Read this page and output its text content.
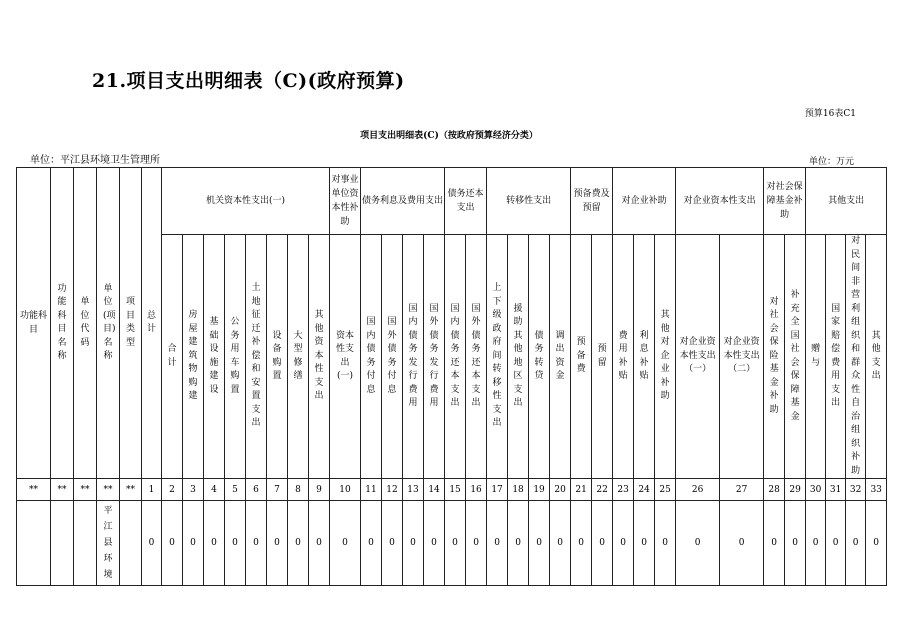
21.项目支出明细表（C)(政府预算)
预算16表C1
项目支出明细表(C)（按政府预算经济分类）
单位：平江县环境卫生管理所	单位：万元
功能科目	功能科目名称	单位代码	单位(项目)名称	项目类型	总计	机关资本性支出(一)								对事业单位资本性补助	债务利息及费用支出				债务还本支出		转移性支出				预备费及预留		对企业补助			对企业资本性支出		对社会保障基金补助		其他支出			
						合计	房屋建筑物购建	基础设施建设	公务用车购置	土地征迁补偿和安置支出	设备购置	大型修缮	其他资本性支出	资本性支出(一)	国内债务付息	国外债务付息	国内债务发行费用	国外债务发行费用	国内债务还本支出	国外债务还本支出	上下级政府间转移性支出	援助其他地区支出	债务转贷	调出资金	预备费	预留	费用补贴	利息补贴	其他对企业补助	对企业资本性支出（一）	对企业资本性支出（二）	对社会保险基金补助	补充全国社会保障基金	赠与	国家赔偿费用支出	对民间非营利组织和群众性自治组织补助	其他支出
**	**	**	**	**	1	2	3	4	5	6	7	8	9	10	11	12	13	14	15	16	17	18	19	20	21	22	23	24	25	26	27	28	29	30	31	32	33
			平江县环境		0	0	0	0	0	0	0	0	0	0	0	0	0	0	0	0	0	0	0	0	0	0	0	0	0	0	0	0	0	0	0	0	0
